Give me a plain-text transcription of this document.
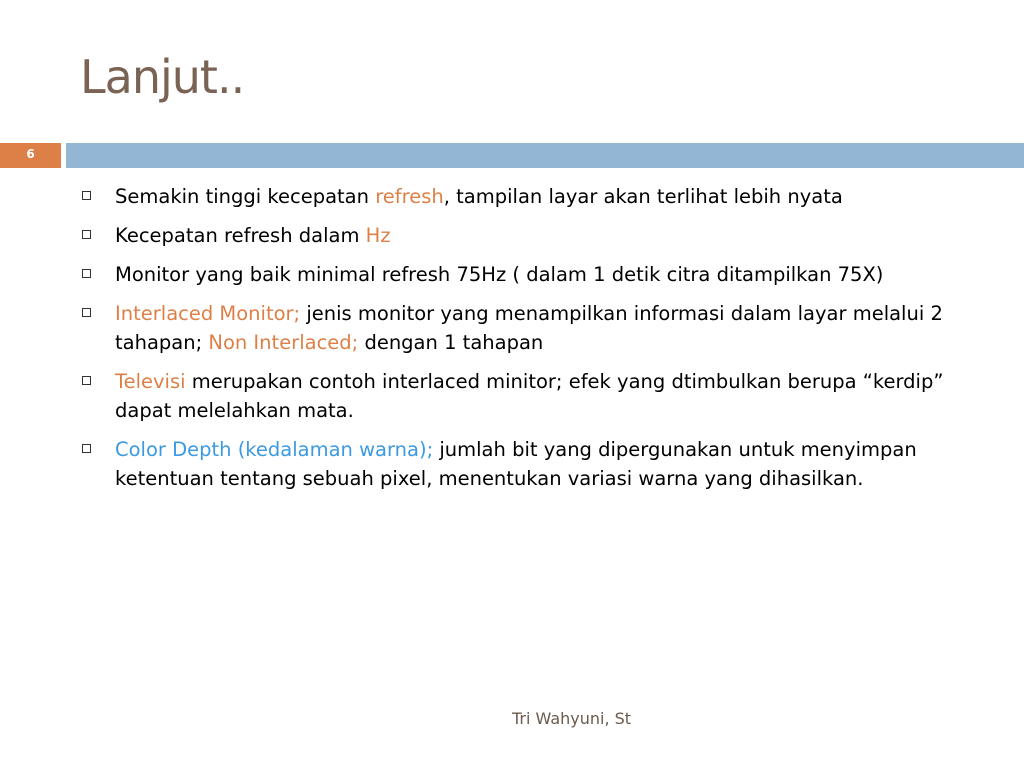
Lanjut..
6
Semakin tinggi kecepatan refresh, tampilan layar akan terlihat lebih nyata
Kecepatan refresh dalam Hz
Monitor yang baik minimal refresh 75Hz ( dalam 1 detik citra ditampilkan 75X)
Interlaced Monitor; jenis monitor yang menampilkan informasi dalam layar melalui 2 tahapan; Non Interlaced; dengan 1 tahapan
Televisi merupakan contoh interlaced minitor; efek yang dtimbulkan berupa “kerdip” dapat melelahkan mata.
Color Depth (kedalaman warna); jumlah bit yang dipergunakan untuk menyimpan ketentuan tentang sebuah pixel, menentukan variasi warna yang dihasilkan.
Tri Wahyuni, St
